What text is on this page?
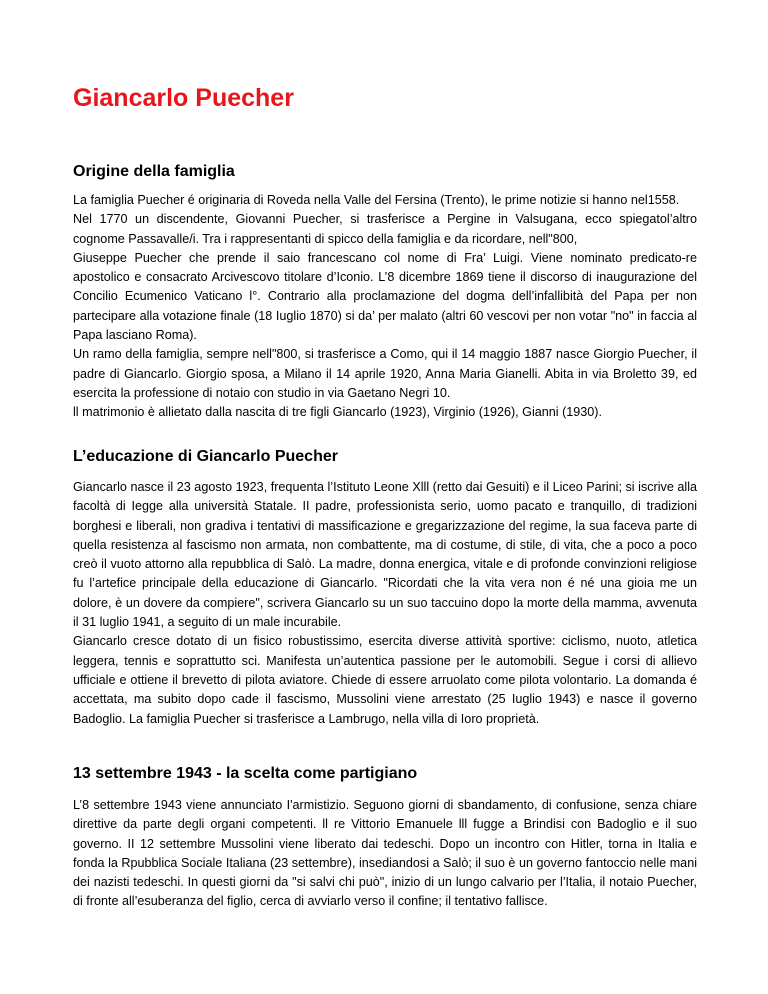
Giancarlo Puecher
Origine della famiglia

La famiglia Puecher é originaria di Roveda nella Valle del Fersina (Trento), le prime notizie si hanno nel1558.

Nel 1770 un discendente, Giovanni Puecher, si trasferisce a Pergine in Valsugana, ecco spiegatol’altro cognome Passavalle/i. Tra i rappresentanti di spicco della famiglia e da ricordare, nell"800,

Giuseppe Puecher che prende il saio francescano col nome di Fra’ Luigi. Viene nominato predicato-re apostolico e consacrato Arcivescovo titolare d’Iconio. L’8 dicembre 1869 tiene il discorso di inaugurazione del Concilio Ecumenico Vaticano l°. Contrario alla proclamazione del dogma dell’infallibità del Papa per non partecipare alla votazione finale (18 Iuglio 1870) si da’ per malato (altri 60 vescovi per non votar "no" in faccia al Papa lasciano Roma).

Un ramo della famiglia, sempre nell"800, si trasferisce a Como, qui il 14 maggio 1887 nasce Giorgio Puecher, il padre di Giancarlo. Giorgio sposa, a Milano il 14 aprile 1920, Anna Maria Gianelli. Abita in via Broletto 39, ed esercita la professione di notaio con studio in via Gaetano Negri 10.

ll matrimonio è allietato dalla nascita di tre figli Giancarlo (1923), Virginio (1926), Gianni (1930).

L’educazione di Giancarlo Puecher

Giancarlo nasce il 23 agosto 1923, frequenta l’Istituto Leone Xlll (retto dai Gesuiti) e il Liceo Parini; si iscrive alla facoltà di Iegge alla università Statale. II padre, professionista serio, uomo pacato e tranquillo, di tradizioni borghesi e liberali, non gradiva i tentativi di massificazione e gregarizzazione del regime, la sua faceva parte di quella resistenza al fascismo non armata, non combattente, ma di costume, di stile, di vita, che a poco a poco creò il vuoto attorno alla repubblica di Salò. La madre, donna energica, vitale e di profonde convinzioni religiose fu l’artefice principale della educazione di Giancarlo. "Ricordati che la vita vera non é né una gioia me un dolore, è un dovere da compiere", scrivera Giancarlo su un suo taccuino dopo la morte della mamma, avvenuta il 31 luglio 1941, a seguito di un male incurabile.

Giancarlo cresce dotato di un fisico robustissimo, esercita diverse attività sportive: ciclismo, nuoto, atletica leggera, tennis e soprattutto sci. Manifesta un’autentica passione per le automobili. Segue i corsi di allievo ufficiale e ottiene il brevetto di pilota aviatore. Chiede di essere arruolato come pilota volontario. La domanda é accettata, ma subito dopo cade il fascismo, Mussolini viene arrestato (25 Iuglio 1943) e nasce il governo Badoglio. La famiglia Puecher si trasferisce a Lambrugo, nella villa di Ioro proprietà.

13 settembre 1943 - la scelta come partigiano

L’8 settembre 1943 viene annunciato I'armistizio. Seguono giorni di sbandamento, di confusione, senza chiare direttive da parte degli organi competenti. ll re Vittorio Emanuele lll fugge a Brindisi con Badoglio e il suo governo. II 12 settembre Mussolini viene liberato dai tedeschi. Dopo un incontro con Hitler, torna in Italia e fonda la Rpubblica Sociale Italiana (23 settembre), insediandosi a Salò; il suo è un governo fantoccio nelle mani dei nazisti tedeschi. In questi giorni da "si salvi chi può", inizio di un lungo calvario per l’Italia, il notaio Puecher, di fronte all’esuberanza del figlio, cerca di avviarlo verso il confine; il tentativo fallisce.
